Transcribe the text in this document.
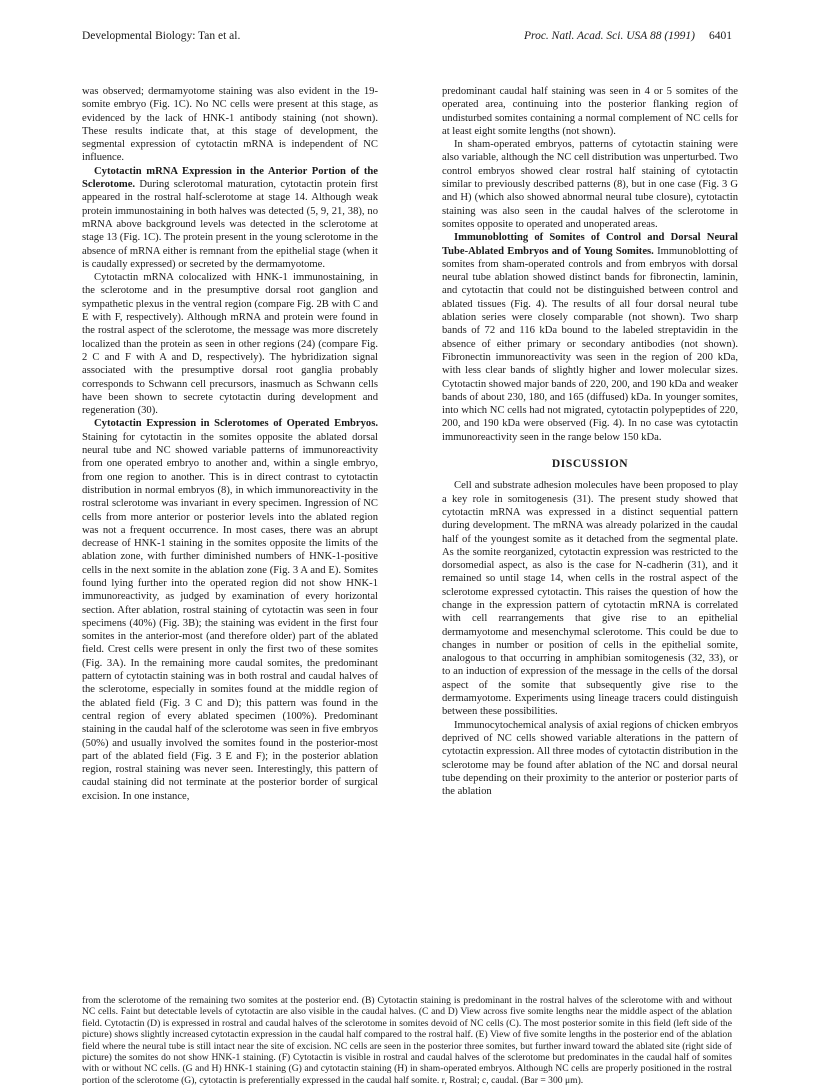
Developmental Biology: Tan et al.	Proc. Natl. Acad. Sci. USA 88 (1991) 6401

was observed; dermamyotome staining was also evident in the 19-somite embryo (Fig. 1C). No NC cells were present at this stage, as evidenced by the lack of HNK-1 antibody staining (not shown). These results indicate that, at this stage of development, the segmental expression of cytotactin mRNA is independent of NC influence.

Cytotactin mRNA Expression in the Anterior Portion of the Sclerotome. During sclerotomal maturation, cytotactin protein first appeared in the rostral half-sclerotome at stage 14. Although weak protein immunostaining in both halves was detected (5, 9, 21, 38), no mRNA above background levels was detected in the sclerotome at stage 13 (Fig. 1C). The protein present in the young sclerotome in the absence of mRNA either is remnant from the epithelial stage (when it is caudally expressed) or secreted by the dermamyotome.

Cytotactin mRNA colocalized with HNK-1 immunostaining, in the sclerotome and in the presumptive dorsal root ganglion and sympathetic plexus in the ventral region (compare Fig. 2B with C and E with F, respectively). Although mRNA and protein were found in the rostral aspect of the sclerotome, the message was more discretely localized than the protein as seen in other regions (24) (compare Fig. 2 C and F with A and D, respectively). The hybridization signal associated with the presumptive dorsal root ganglia probably corresponds to Schwann cell precursors, inasmuch as Schwann cells have been shown to secrete cytotactin during development and regeneration (30).

Cytotactin Expression in Sclerotomes of Operated Embryos. Staining for cytotactin in the somites opposite the ablated dorsal neural tube and NC showed variable patterns of immunoreactivity from one operated embryo to another and, within a single embryo, from one region to another. This is in direct contrast to cytotactin distribution in normal embryos (8), in which immunoreactivity in the rostral sclerotome was invariant in every specimen. Ingression of NC cells from more anterior or posterior levels into the ablated region was not a frequent occurrence. In most cases, there was an abrupt decrease of HNK-1 staining in the somites opposite the limits of the ablation zone, with further diminished numbers of HNK-1-positive cells in the next somite in the ablation zone (Fig. 3 A and E). Somites found lying further into the operated region did not show HNK-1 immunoreactivity, as judged by examination of every horizontal section. After ablation, rostral staining of cytotactin was seen in four specimens (40%) (Fig. 3B); the staining was evident in the first four somites in the anterior-most (and therefore older) part of the ablated field. Crest cells were present in only the first two of these somites (Fig. 3A). In the remaining more caudal somites, the predominant pattern of cytotactin staining was in both rostral and caudal halves of the sclerotome, especially in somites found at the middle region of the ablated field (Fig. 3 C and D); this pattern was found in the central region of every ablated specimen (100%). Predominant staining in the caudal half of the sclerotome was seen in five embryos (50%) and usually involved the somites found in the posterior-most part of the ablated field (Fig. 3 E and F); in the posterior ablation region, rostral staining was never seen. Interestingly, this pattern of caudal staining did not terminate at the posterior border of surgical excision. In one instance,

predominant caudal half staining was seen in 4 or 5 somites of the operated area, continuing into the posterior flanking region of undisturbed somites containing a normal complement of NC cells for at least eight somite lengths (not shown).

In sham-operated embryos, patterns of cytotactin staining were also variable, although the NC cell distribution was unperturbed. Two control embryos showed clear rostral half staining of cytotactin similar to previously described patterns (8), but in one case (Fig. 3 G and H) (which also showed abnormal neural tube closure), cytotactin staining was also seen in the caudal halves of the sclerotome in somites opposite to operated and unoperated areas.

Immunoblotting of Somites of Control and Dorsal Neural Tube-Ablated Embryos and of Young Somites. Immunoblotting of somites from sham-operated controls and from embryos with dorsal neural tube ablation showed distinct bands for fibronectin, laminin, and cytotactin that could not be distinguished between control and ablated tissues (Fig. 4). The results of all four dorsal neural tube ablation series were closely comparable (not shown). Two sharp bands of 72 and 116 kDa bound to the labeled streptavidin in the absence of either primary or secondary antibodies (not shown). Fibronectin immunoreactivity was seen in the region of 200 kDa, with less clear bands of slightly higher and lower molecular sizes. Cytotactin showed major bands of 220, 200, and 190 kDa and weaker bands of about 230, 180, and 165 (diffused) kDa. In younger somites, into which NC cells had not migrated, cytotactin polypeptides of 220, 200, and 190 kDa were observed (Fig. 4). In no case was cytotactin immunoreactivity seen in the range below 150 kDa.

DISCUSSION

Cell and substrate adhesion molecules have been proposed to play a key role in somitogenesis (31). The present study showed that cytotactin mRNA was expressed in a distinct sequential pattern during development. The mRNA was already polarized in the caudal half of the youngest somite as it detached from the segmental plate. As the somite reorganized, cytotactin expression was restricted to the dorsomedial aspect, as also is the case for N-cadherin (31), and it remained so until stage 14, when cells in the rostral aspect of the sclerotome expressed cytotactin. This raises the question of how the change in the expression pattern of cytotactin mRNA is correlated with cell rearrangements that give rise to an epithelial dermamyotome and mesenchymal sclerotome. This could be due to changes in number or position of cells in the epithelial somite, analogous to that occurring in amphibian somitogenesis (32, 33), or to an induction of expression of the message in the cells of the dorsal aspect of the somite that subsequently give rise to the dermamyotome. Experiments using lineage tracers could distinguish between these possibilities.

Immunocytochemical analysis of axial regions of chicken embryos deprived of NC cells showed variable alterations in the pattern of cytotactin expression. All three modes of cytotactin distribution in the sclerotome may be found after ablation of the NC and dorsal neural tube depending on their proximity to the anterior or posterior parts of the ablation

from the sclerotome of the remaining two somites at the posterior end. (B) Cytotactin staining is predominant in the rostral halves of the sclerotome with and without NC cells. Faint but detectable levels of cytotactin are also visible in the caudal halves. (C and D) View across five somite lengths near the middle aspect of the ablation field. Cytotactin (D) is expressed in rostral and caudal halves of the sclerotome in somites devoid of NC cells (C). The most posterior somite in this field (left side of the picture) shows slightly increased cytotactin expression in the caudal half compared to the rostral half. (E) View of five somite lengths in the posterior end of the ablation field where the neural tube is still intact near the site of excision. NC cells are seen in the posterior three somites, but further inward toward the ablated site (right side of picture) the somites do not show HNK-1 staining. (F) Cytotactin is visible in rostral and caudal halves of the sclerotome but predominates in the caudal half of somites with or without NC cells. (G and H) HNK-1 staining (G) and cytotactin staining (H) in sham-operated embryos. Although NC cells are properly positioned in the rostral portion of the sclerotome (G), cytotactin is preferentially expressed in the caudal half somite. r, Rostral; c, caudal. (Bar = 300 μm).
